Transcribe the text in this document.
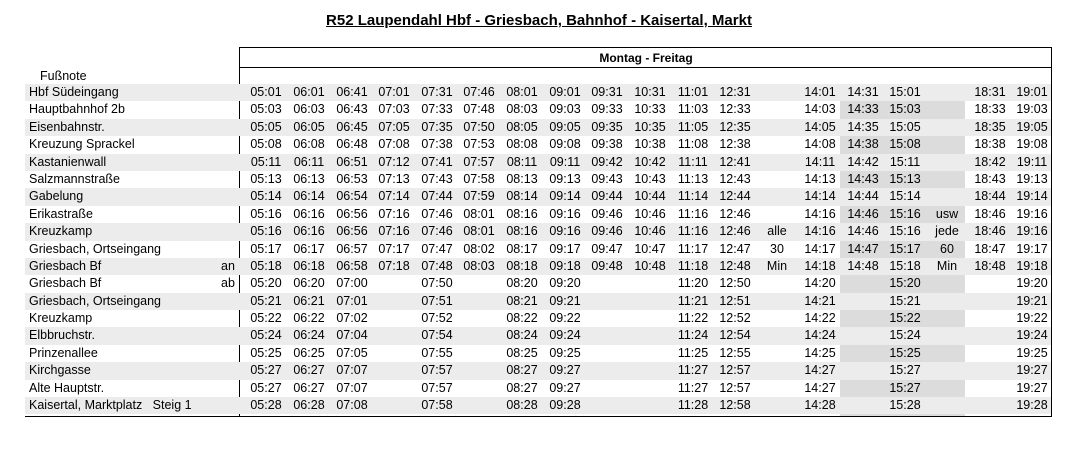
R52 Laupendahl Hbf - Griesbach, Bahnhof - Kaisertal, Markt
Montag - Freitag
Fußnote
Hbf Südeingang	05:01 06:01 06:41 07:01 07:31 07:46 08:01 09:01 09:31 10:31 11:01 12:31	14:01 14:31 15:01	18:31 19:01
Hauptbahnhof 2b	05:03 06:03 06:43 07:03 07:33 07:48 08:03 09:03 09:33 10:33 11:03 12:33	14:03 14:33 15:03	18:33 19:03
Eisenbahnstr.	05:05 06:05 06:45 07:05 07:35 07:50 08:05 09:05 09:35 10:35 11:05 12:35	14:05 14:35 15:05	18:35 19:05
Kreuzung Sprackel	05:08 06:08 06:48 07:08 07:38 07:53 08:08 09:08 09:38 10:38 11:08 12:38	14:08 14:38 15:08	18:38 19:08
Kastanienwall	05:11	06:11 06:51 07:12 07:41 07:57 08:11	09:11 09:42 10:42	11:11 12:41	14:11 14:42 15:11	18:42 19:11
Salzmannstraße	05:13 06:13 06:53 07:13 07:43 07:58 08:13 09:13 09:43 10:43 11:13 12:43	14:13 14:43 15:13	18:43 19:13
Gabelung	05:14 06:14 06:54 07:14 07:44 07:59 08:14 09:14 09:44 10:44 11:14 12:44	14:14 14:44 15:14	18:44 19:14
Erikastraße	05:16 06:16 06:56 07:16 07:46 08:01 08:16 09:16 09:46 10:46 11:16 12:46	14:16 14:46 15:16	usw	18:46 19:16
Kreuzkamp	05:16 06:16 06:56 07:16 07:46 08:01 08:16 09:16 09:46 10:46 11:16 12:46	alle	14:16 14:46 15:16	jede	18:46 19:16
Griesbach, Ortseingang	05:17 06:17 06:57 07:17 07:47 08:02 08:17 09:17 09:47 10:47 11:17 12:47	30	14:17 14:47 15:17	60	18:47 19:17
Griesbach Bf	an	05:18 06:18 06:58 07:18 07:48 08:03 08:18 09:18 09:48 10:48 11:18 12:48	Min	14:18 14:48 15:18	Min	18:48 19:18
Griesbach Bf	ab	05:20 06:20 07:00	07:50	08:20 09:20	11:20 12:50	14:20	15:20	19:20
Griesbach, Ortseingang	05:21 06:21 07:01	07:51	08:21 09:21	11:21 12:51	14:21	15:21	19:21
Kreuzkamp	05:22 06:22 07:02	07:52	08:22 09:22	11:22 12:52	14:22	15:22	19:22
Elbbruchstr.	05:24 06:24 07:04	07:54	08:24 09:24	11:24 12:54	14:24	15:24	19:24
Prinzenallee	05:25 06:25 07:05	07:55	08:25 09:25	11:25 12:55	14:25	15:25	19:25
Kirchgasse	05:27 06:27 07:07	07:57	08:27 09:27	11:27 12:57	14:27	15:27	19:27
Alte Hauptstr.	05:27 06:27 07:07	07:57	08:27 09:27	11:27 12:57	14:27	15:27	19:27
Kaisertal, Marktplatz   Steig 1	05:28 06:28 07:08	07:58	08:28 09:28	11:28 12:58	14:28	15:28	19:28
